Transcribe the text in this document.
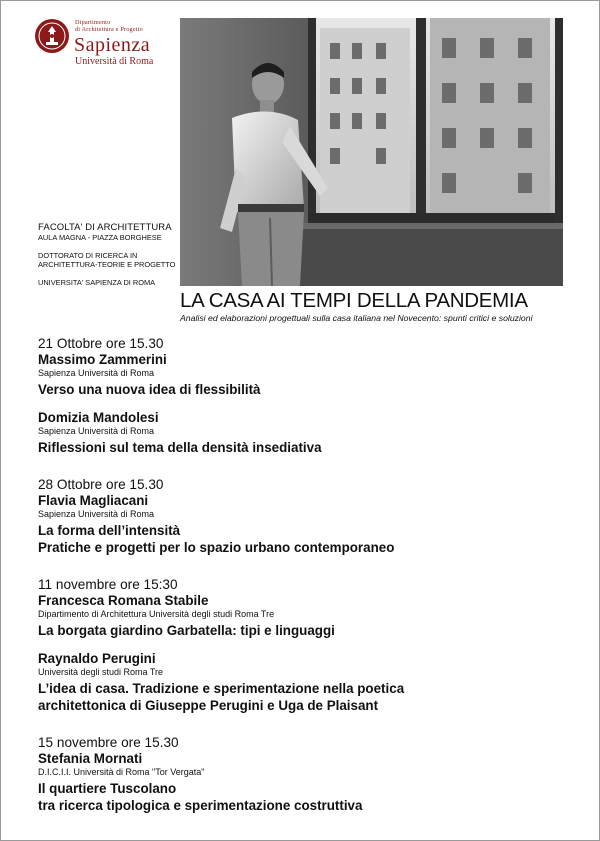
Dipartimento
di Architettura e Progetto
Sapienza
Università di Roma
FACOLTA' DI ARCHITETTURA
AULA MAGNA - PIAZZA BORGHESE
DOTTORATO DI RICERCA IN
ARCHITETTURA-TEORIE E PROGETTO
UNIVERSITA' SAPIENZA DI ROMA
LA CASA AI TEMPI DELLA PANDEMIA
Analisi ed elaborazioni progettuali sulla casa italiana nel Novecento: spunti critici e soluzioni
21 Ottobre ore 15.30
Massimo Zammerini
Sapienza Università di Roma
Verso una nuova idea di flessibilità
Domizia Mandolesi
Sapienza Università di Roma
Riflessioni sul tema della densità insediativa
28 Ottobre ore 15.30
Flavia Magliacani
Sapienza Università di Roma
La forma dell’intensità
Pratiche e progetti per lo spazio urbano contemporaneo
11 novembre ore 15:30
Francesca Romana Stabile
Dipartimento di Architettura Università degli studi Roma Tre
La borgata giardino Garbatella: tipi e linguaggi
Raynaldo Perugini
Università degli studi Roma Tre
L’idea di casa. Tradizione e sperimentazione nella poetica
architettonica di Giuseppe Perugini e Uga de Plaisant
15 novembre ore 15.30
Stefania Mornati
D.I.C.I.I. Università di Roma "Tor Vergata"
Il quartiere Tuscolano
tra ricerca tipologica e sperimentazione costruttiva
